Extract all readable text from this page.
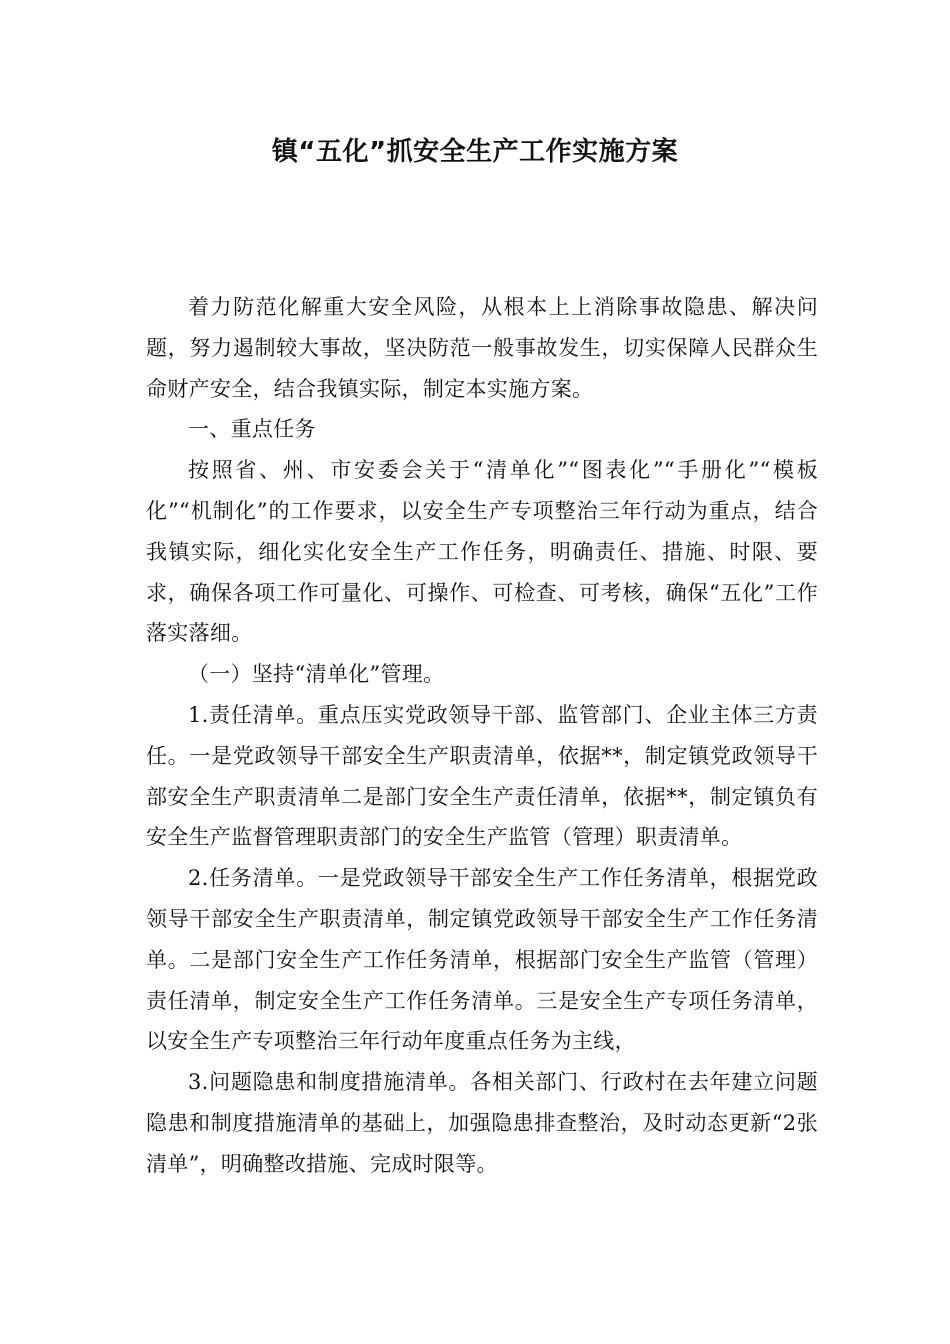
镇“五化”抓安全生产工作实施方案

着力防范化解重大安全风险，从根本上上消除事故隐患、解决问题，努力遏制较大事故，坚决防范一般事故发生，切实保障人民群众生命财产安全，结合我镇实际，制定本实施方案。

一、重点任务

按照省、州、市安委会关于“清单化”“图表化”“手册化”“模板化”“机制化”的工作要求，以安全生产专项整治三年行动为重点，结合我镇实际，细化实化安全生产工作任务，明确责任、措施、时限、要求，确保各项工作可量化、可操作、可检查、可考核，确保“五化”工作落实落细。

（一）坚持“清单化”管理。

1.责任清单。重点压实党政领导干部、监管部门、企业主体三方责任。一是党政领导干部安全生产职责清单，依据**，制定镇党政领导干部安全生产职责清单二是部门安全生产责任清单，依据**，制定镇负有安全生产监督管理职责部门的安全生产监管（管理）职责清单。

2.任务清单。一是党政领导干部安全生产工作任务清单，根据党政领导干部安全生产职责清单，制定镇党政领导干部安全生产工作任务清单。二是部门安全生产工作任务清单，根据部门安全生产监管（管理）责任清单，制定安全生产工作任务清单。三是安全生产专项任务清单，以安全生产专项整治三年行动年度重点任务为主线，

3.问题隐患和制度措施清单。各相关部门、行政村在去年建立问题隐患和制度措施清单的基础上，加强隐患排查整治，及时动态更新“2张清单”，明确整改措施、完成时限等。
